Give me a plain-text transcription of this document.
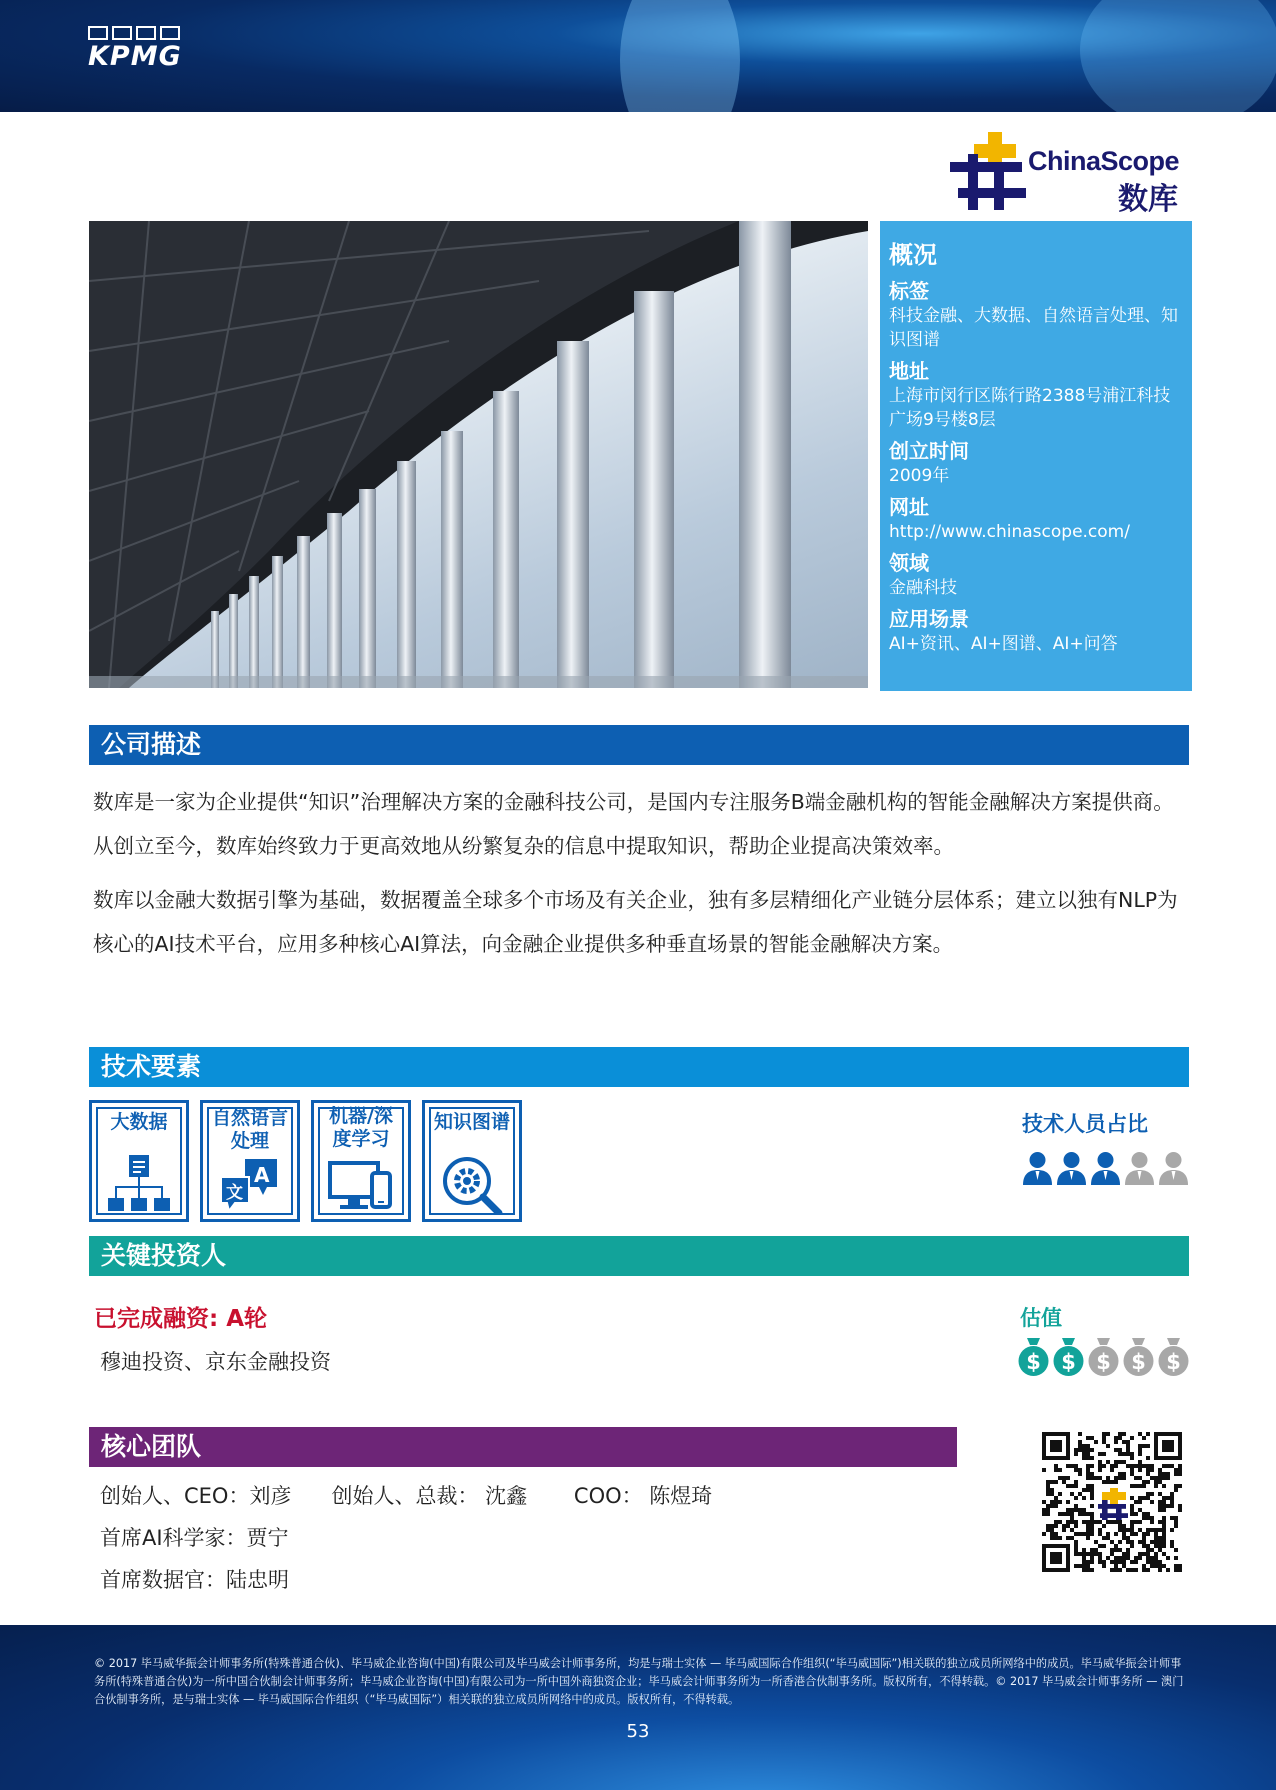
KPMG
ChinaScope
数库
概况
标签
科技金融、大数据、自然语言处理、知识图谱
地址
上海市闵行区陈行路2388号浦江科技广场9号楼8层
创立时间
2009年
网址
http://www.chinascope.com/
领域
金融科技
应用场景
AI+资讯、AI+图谱、AI+问答
公司描述
数库是一家为企业提供“知识”治理解决方案的金融科技公司，是国内专注服务B端金融机构的智能金融解决方案提供商。从创立至今，数库始终致力于更高效地从纷繁复杂的信息中提取知识，帮助企业提高决策效率。
数库以金融大数据引擎为基础，数据覆盖全球多个市场及有关企业，独有多层精细化产业链分层体系；建立以独有NLP为核心的AI技术平台，应用多种核心AI算法，向金融企业提供多种垂直场景的智能金融解决方案。
技术要素
大数据	自然语言处理
A
文
机器/深度学习
知识图谱	技术人员占比
关键投资人
已完成融资: A轮
穆迪投资、京东金融投资
估值
$ $ $ $ $
核心团队
创始人、CEO：刘彦      创始人、总裁： 沈鑫       COO： 陈煜琦
首席AI科学家：贾宁
首席数据官：陆忠明
© 2017 毕马威华振会计师事务所(特殊普通合伙)、毕马威企业咨询(中国)有限公司及毕马威会计师事务所，均是与瑞士实体 — 毕马威国际合作组织(“毕马威国际”)相关联的独立成员所网络中的成员。毕马威华振会计师事务所(特殊普通合伙)为一所中国合伙制会计师事务所；毕马威企业咨询(中国)有限公司为一所中国外商独资企业；毕马威会计师事务所为一所香港合伙制事务所。版权所有，不得转载。© 2017 毕马威会计师事务所 — 澳门合伙制事务所，是与瑞士实体 — 毕马威国际合作组织（“毕马威国际”）相关联的独立成员所网络中的成员。版权所有，不得转载。
53
